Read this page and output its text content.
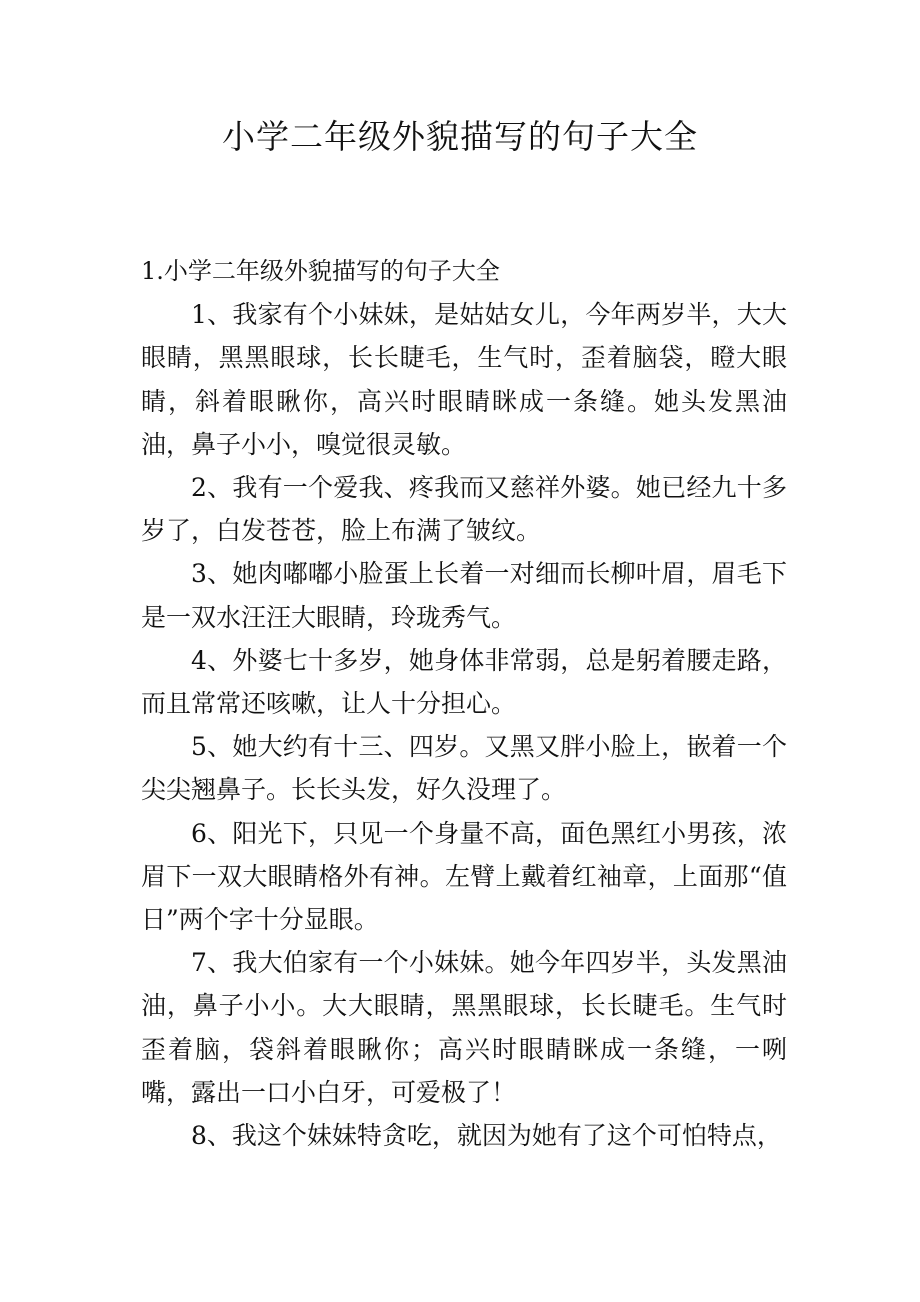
小学二年级外貌描写的句子大全

1.小学二年级外貌描写的句子大全

1、我家有个小妹妹，是姑姑女儿，今年两岁半，大大眼睛，黑黑眼球，长长睫毛，生气时，歪着脑袋，瞪大眼睛，斜着眼瞅你，高兴时眼睛眯成一条缝。她头发黑油油，鼻子小小，嗅觉很灵敏。

2、我有一个爱我、疼我而又慈祥外婆。她已经九十多岁了，白发苍苍，脸上布满了皱纹。

3、她肉嘟嘟小脸蛋上长着一对细而长柳叶眉，眉毛下是一双水汪汪大眼睛，玲珑秀气。

4、外婆七十多岁，她身体非常弱，总是躬着腰走路，而且常常还咳嗽，让人十分担心。

5、她大约有十三、四岁。又黑又胖小脸上，嵌着一个尖尖翘鼻子。长长头发，好久没理了。

6、阳光下，只见一个身量不高，面色黑红小男孩，浓眉下一双大眼睛格外有神。左臂上戴着红袖章，上面那“值日”两个字十分显眼。

7、我大伯家有一个小妹妹。她今年四岁半，头发黑油油，鼻子小小。大大眼睛，黑黑眼球，长长睫毛。生气时歪着脑，袋斜着眼瞅你；高兴时眼睛眯成一条缝，一咧嘴，露出一口小白牙，可爱极了！

8、我这个妹妹特贪吃，就因为她有了这个可怕特点，
